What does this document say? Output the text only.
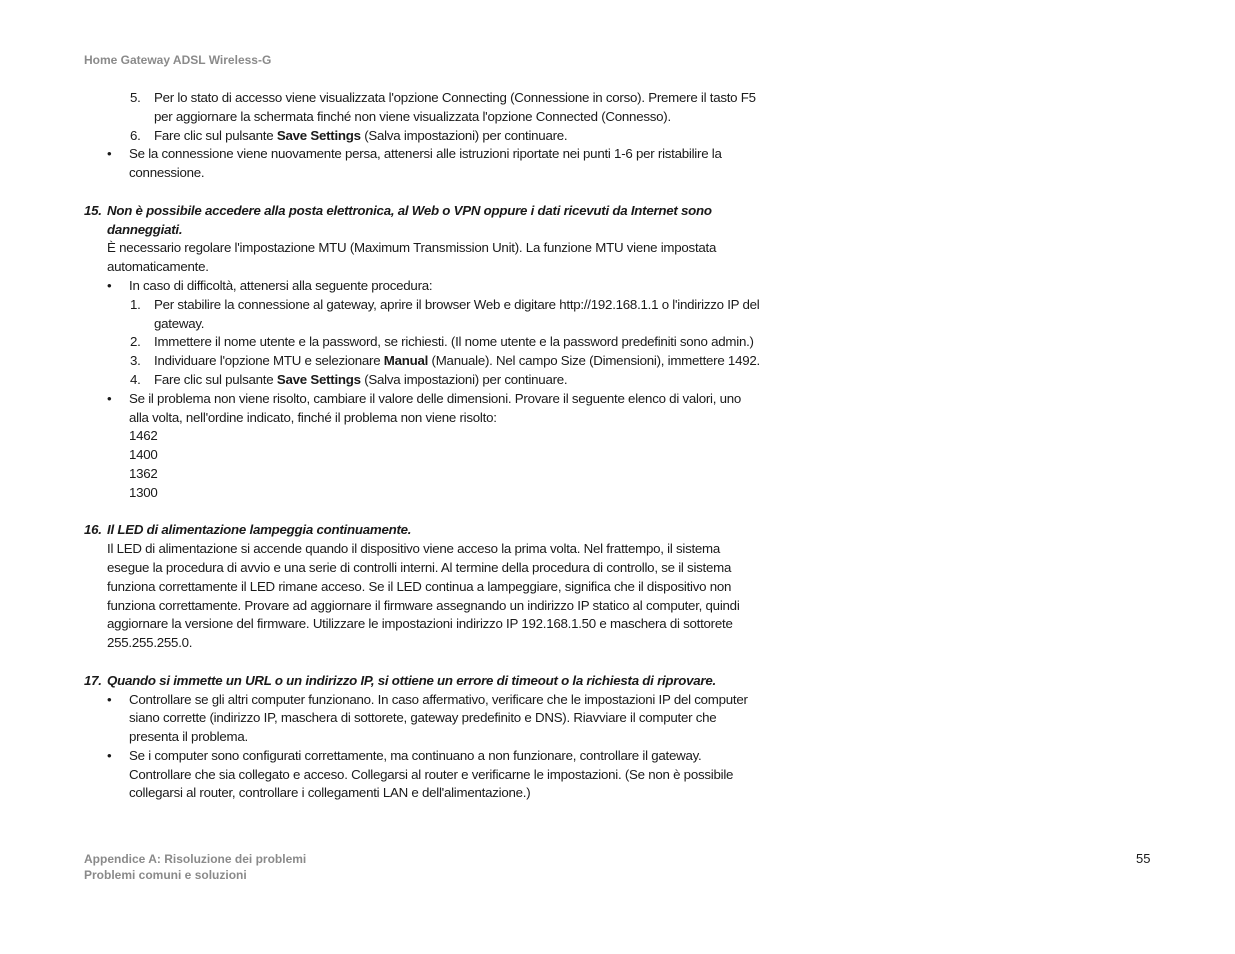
Home Gateway ADSL Wireless-G
5. Per lo stato di accesso viene visualizzata l'opzione Connecting (Connessione in corso). Premere il tasto F5 per aggiornare la schermata finché non viene visualizzata l'opzione Connected (Connesso).
6. Fare clic sul pulsante Save Settings (Salva impostazioni) per continuare.
• Se la connessione viene nuovamente persa, attenersi alle istruzioni riportate nei punti 1-6 per ristabilire la connessione.
15. Non è possibile accedere alla posta elettronica, al Web o VPN oppure i dati ricevuti da Internet sono danneggiati.

È necessario regolare l'impostazione MTU (Maximum Transmission Unit). La funzione MTU viene impostata automaticamente.

• In caso di difficoltà, attenersi alla seguente procedura:
1. Per stabilire la connessione al gateway, aprire il browser Web e digitare http://192.168.1.1 o l'indirizzo IP del gateway.
2. Immettere il nome utente e la password, se richiesti. (Il nome utente e la password predefiniti sono admin.)
3. Individuare l'opzione MTU e selezionare Manual (Manuale). Nel campo Size (Dimensioni), immettere 1492.
4. Fare clic sul pulsante Save Settings (Salva impostazioni) per continuare.
• Se il problema non viene risolto, cambiare il valore delle dimensioni. Provare il seguente elenco di valori, uno alla volta, nell'ordine indicato, finché il problema non viene risolto:
1462
1400
1362
1300
16. Il LED di alimentazione lampeggia continuamente.

Il LED di alimentazione si accende quando il dispositivo viene acceso la prima volta. Nel frattempo, il sistema esegue la procedura di avvio e una serie di controlli interni. Al termine della procedura di controllo, se il sistema funziona correttamente il LED rimane acceso. Se il LED continua a lampeggiare, significa che il dispositivo non funziona correttamente. Provare ad aggiornare il firmware assegnando un indirizzo IP statico al computer, quindi aggiornare la versione del firmware. Utilizzare le impostazioni indirizzo IP 192.168.1.50 e maschera di sottorete 255.255.255.0.

17. Quando si immette un URL o un indirizzo IP, si ottiene un errore di timeout o la richiesta di riprovare.
• Controllare se gli altri computer funzionano. In caso affermativo, verificare che le impostazioni IP del computer siano corrette (indirizzo IP, maschera di sottorete, gateway predefinito e DNS). Riavviare il computer che presenta il problema.
• Se i computer sono configurati correttamente, ma continuano a non funzionare, controllare il gateway. Controllare che sia collegato e acceso. Collegarsi al router e verificarne le impostazioni. (Se non è possibile collegarsi al router, controllare i collegamenti LAN e dell'alimentazione.)
Appendice A: Risoluzione dei problemi
Problemi comuni e soluzioni
55
